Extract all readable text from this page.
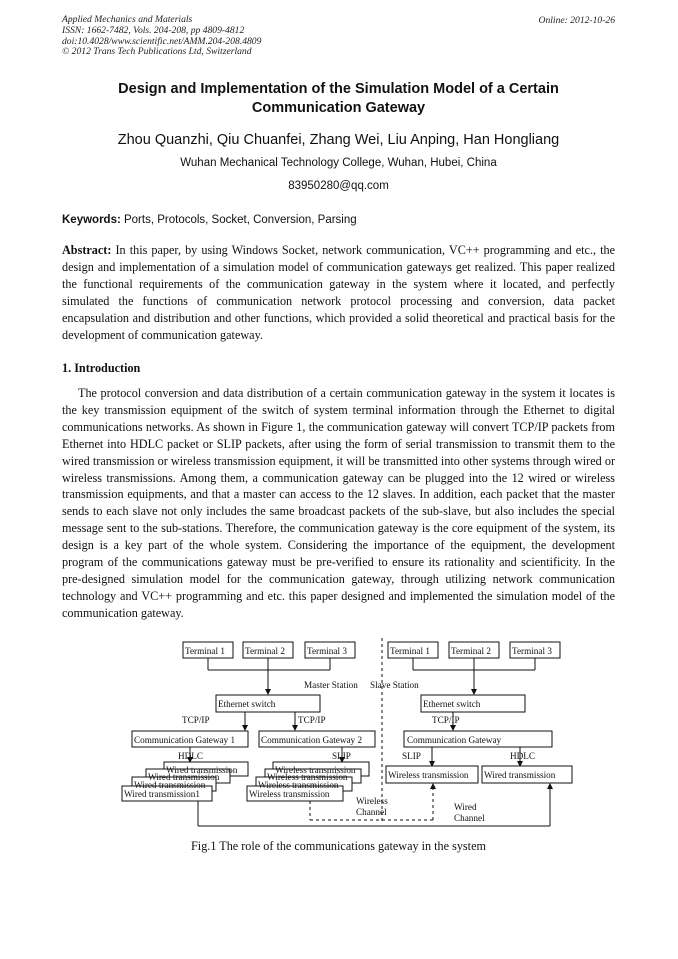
Applied Mechanics and Materials
ISSN: 1662-7482, Vols. 204-208, pp 4809-4812
doi:10.4028/www.scientific.net/AMM.204-208.4809
© 2012 Trans Tech Publications Ltd, Switzerland
Online: 2012-10-26
Design and Implementation of the Simulation Model of a Certain
Communication Gateway
Zhou Quanzhi, Qiu Chuanfei, Zhang Wei, Liu Anping, Han Hongliang
Wuhan Mechanical Technology College, Wuhan, Hubei, China
83950280@qq.com
Keywords: Ports, Protocols, Socket, Conversion, Parsing
Abstract: In this paper, by using Windows Socket, network communication, VC++ programming and etc., the design and implementation of a simulation model of communication gateways get realized. This paper realized the functional requirements of the communication gateway in the system where it located, and perfectly simulated the functions of communication network protocol processing and conversion, data packet encapsulation and distribution and other functions, which provided a solid theoretical and practical basis for the development of communication gateway.
1. Introduction
The protocol conversion and data distribution of a certain communication gateway in the system it locates is the key transmission equipment of the switch of system terminal information through the Ethernet to digital communications networks. As shown in Figure 1, the communication gateway will convert TCP/IP packets from Ethernet into HDLC packet or SLIP packets, after using the form of serial transmission to transmit them to the wired transmission or wireless transmission equipment, it will be transmitted into other systems through wired or wireless transmissions. Among them, a communication gateway can be plugged into the 12 wired or wireless transmission equipments, and that a master can access to the 12 slaves. In addition, each packet that the master sends to each slave not only includes the same broadcast packets of the sub-slave, but also includes the special message sent to the sub-stations. Therefore, the communication gateway is the core equipment of the system, its design is a key part of the whole system. Considering the importance of the equipment, the development program of the communications gateway must be pre-verified to ensure its rationality and scientificity. In the pre-designed simulation model for the communication gateway, through utilizing network communication technology and VC++ programming and etc. this paper designed and implemented the simulation model of the communication gateway.
Terminal 1 Terminal 2 Terminal 3	Terminal 1 Terminal 2 Terminal 3
Master Station Slave Station
Ethernet switch	Ethernet switch
TCP/IP	TCP/IP	TCP/IP
Communication Gateway 1	Communication Gateway 2	Communication Gateway
HDLC	SLIP	SLIP	HDLC
Wired transmission
Wired transmission
Wired transmission
Wired transmission1
Wireless transmission
Wireless transmission
Wireless transmission
Wireless transmission
Wireless transmission Wired transmission
Wireless
Channel	Wired
Channel
Fig.1 The role of the communications gateway in the system
